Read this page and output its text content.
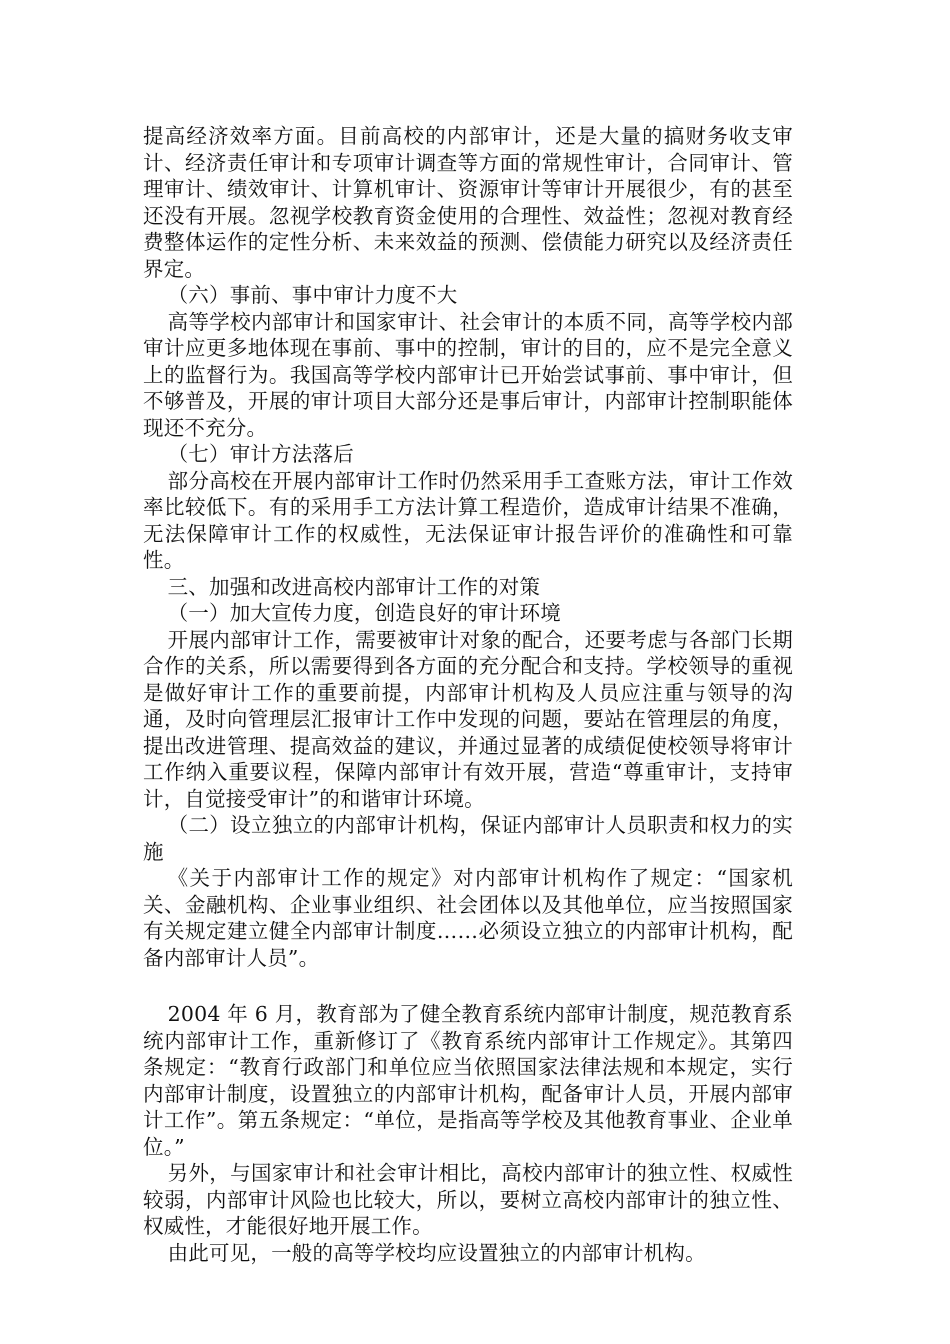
提高经济效率方面。目前高校的内部审计，还是大量的搞财务收支审计、经济责任审计和专项审计调查等方面的常规性审计，合同审计、管理审计、绩效审计、计算机审计、资源审计等审计开展很少，有的甚至还没有开展。忽视学校教育资金使用的合理性、效益性；忽视对教育经费整体运作的定性分析、未来效益的预测、偿债能力研究以及经济责任界定。

（六）事前、事中审计力度不大

高等学校内部审计和国家审计、社会审计的本质不同，高等学校内部审计应更多地体现在事前、事中的控制，审计的目的，应不是完全意义上的监督行为。我国高等学校内部审计已开始尝试事前、事中审计，但不够普及，开展的审计项目大部分还是事后审计，内部审计控制职能体现还不充分。

（七）审计方法落后

部分高校在开展内部审计工作时仍然采用手工查账方法，审计工作效率比较低下。有的采用手工方法计算工程造价，造成审计结果不准确，无法保障审计工作的权威性，无法保证审计报告评价的准确性和可靠性。

三、加强和改进高校内部审计工作的对策

（一）加大宣传力度，创造良好的审计环境

开展内部审计工作，需要被审计对象的配合，还要考虑与各部门长期合作的关系，所以需要得到各方面的充分配合和支持。学校领导的重视是做好审计工作的重要前提，内部审计机构及人员应注重与领导的沟通，及时向管理层汇报审计工作中发现的问题，要站在管理层的角度，提出改进管理、提高效益的建议，并通过显著的成绩促使校领导将审计工作纳入重要议程，保障内部审计有效开展，营造“尊重审计，支持审计，自觉接受审计”的和谐审计环境。

（二）设立独立的内部审计机构，保证内部审计人员职责和权力的实施

《关于内部审计工作的规定》对内部审计机构作了规定：“国家机关、金融机构、企业事业组织、社会团体以及其他单位，应当按照国家有关规定建立健全内部审计制度……必须设立独立的内部审计机构，配备内部审计人员”。

2004 年 6 月，教育部为了健全教育系统内部审计制度，规范教育系统内部审计工作，重新修订了《教育系统内部审计工作规定》。其第四条规定：“教育行政部门和单位应当依照国家法律法规和本规定，实行内部审计制度，设置独立的内部审计机构，配备审计人员，开展内部审计工作”。第五条规定：“单位，是指高等学校及其他教育事业、企业单位。”

另外，与国家审计和社会审计相比，高校内部审计的独立性、权威性较弱，内部审计风险也比较大，所以，要树立高校内部审计的独立性、权威性，才能很好地开展工作。

由此可见，一般的高等学校均应设置独立的内部审计机构。
